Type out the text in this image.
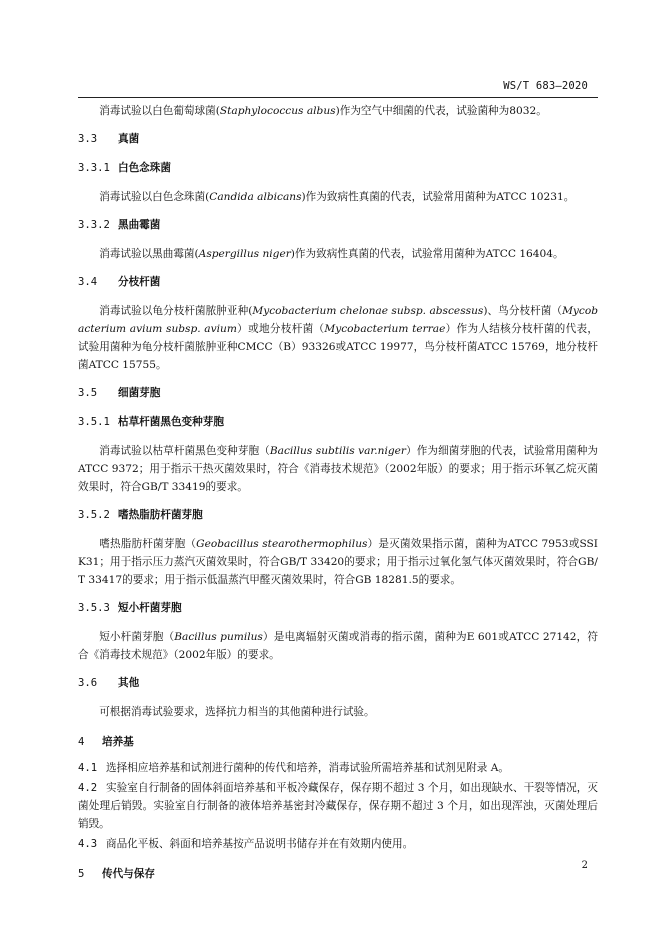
WS/T 683—2020

消毒试验以白色葡萄球菌(Staphylococcus albus)作为空气中细菌的代表，试验菌种为8032。

3.3 真菌
3.3.1 白色念珠菌

消毒试验以白色念珠菌(Candida albicans)作为致病性真菌的代表，试验常用菌种为ATCC 10231。

3.3.2 黑曲霉菌

消毒试验以黑曲霉菌(Aspergillus niger)作为致病性真菌的代表，试验常用菌种为ATCC 16404。

3.4 分枝杆菌

消毒试验以龟分枝杆菌脓肿亚种(Mycobacterium chelonae subsp. abscessus)、鸟分枝杆菌（Mycobacterium avium subsp. avium）或地分枝杆菌（Mycobacterium terrae）作为人结核分枝杆菌的代表，试验用菌种为龟分枝杆菌脓肿亚种CMCC（B）93326或ATCC 19977，鸟分枝杆菌ATCC 15769，地分枝杆菌ATCC 15755。

3.5 细菌芽胞
3.5.1 枯草杆菌黑色变种芽胞

消毒试验以枯草杆菌黑色变种芽胞（Bacillus subtilis var.niger）作为细菌芽胞的代表，试验常用菌种为ATCC 9372；用于指示干热灭菌效果时，符合《消毒技术规范》（2002年版）的要求；用于指示环氧乙烷灭菌效果时，符合GB/T 33419的要求。

3.5.2 嗜热脂肪杆菌芽胞

嗜热脂肪杆菌芽胞（Geobacillus stearothermophilus）是灭菌效果指示菌，菌种为ATCC 7953或SSI K31；用于指示压力蒸汽灭菌效果时，符合GB/T 33420的要求；用于指示过氧化氢气体灭菌效果时，符合GB/T 33417的要求；用于指示低温蒸汽甲醛灭菌效果时，符合GB 18281.5的要求。

3.5.3 短小杆菌芽胞

短小杆菌芽胞（Bacillus pumilus）是电离辐射灭菌或消毒的指示菌，菌种为E 601或ATCC 27142，符合《消毒技术规范》（2002年版）的要求。

3.6 其他

可根据消毒试验要求，选择抗力相当的其他菌种进行试验。

4 培养基
4.1 选择相应培养基和试剂进行菌种的传代和培养，消毒试验所需培养基和试剂见附录 A。
4.2 实验室自行制备的固体斜面培养基和平板冷藏保存，保存期不超过 3 个月，如出现缺水、干裂等情况，灭菌处理后销毁。实验室自行制备的液体培养基密封冷藏保存，保存期不超过 3 个月，如出现浑浊，灭菌处理后销毁。
4.3 商品化平板、斜面和培养基按产品说明书储存并在有效期内使用。
5 传代与保存
2
